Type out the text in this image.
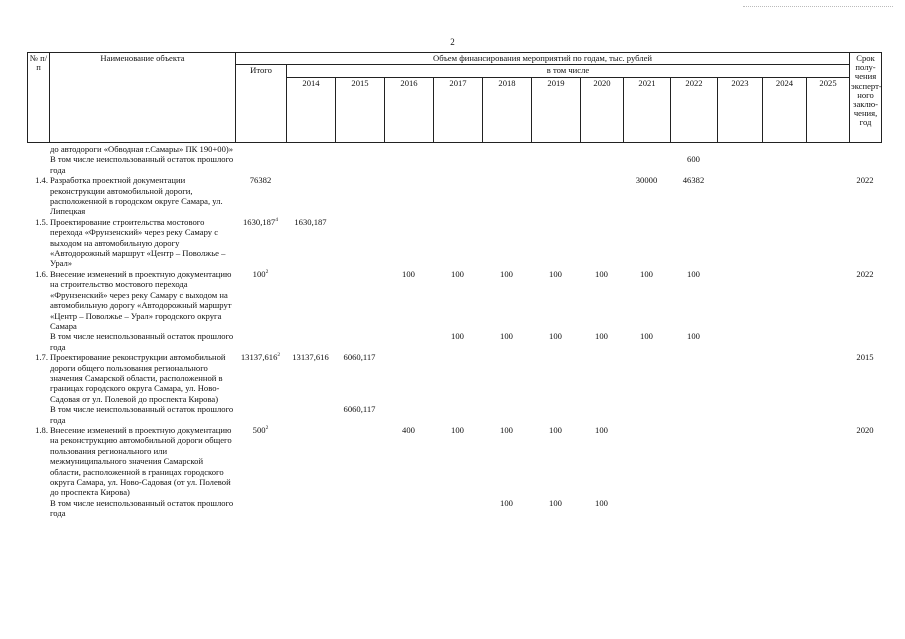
2
№ п/п	Наименование объекта	Объем финансирования мероприятий по годам, тыс. рублей													Срок полу-чения эксперт-ного заклю-чения, год
		Итого	в том числе												
			2014	2015	2016	2017	2018	2019	2020	2021	2022	2023	2024	2025	
	до автодороги «Обводная г.Самары» ПК 190+00)»														
	В том числе неиспользованный остаток прошлого года										600				
1.4.	Разработка проектной документации реконструкции автомобильной дороги, расположенной в городском округе Самара, ул. Липецкая	76382								30000	46382				2022
1.5.	Проектирование строительства мостового перехода «Фрунзенский» через реку Самару с выходом на автомобильную дорогу «Автодорожный маршрут «Центр – Поволжье – Урал»	1630,187$^4$	1630,187												
1.6.	Внесение изменений в проектную документацию на строительство мостового перехода «Фрунзенский» через реку Самару с выходом на автомобильную дорогу «Автодорожный маршрут «Центр – Поволжье – Урал» городского округа Самара	$100^2$			100	100	100	100	100	100	100				2022
	В том числе неиспользованный остаток прошлого года					100	100	100	100	100	100				
1.7.	Проектирование реконструкции автомобильной дороги общего пользования регионального значения Самарской области, расположенной в границах городского округа Самара, ул. Ново-Садовая от ул. Полевой до проспекта Кирова)	13137,616$^2$	13137,616	6060,117											2015
	В том числе неиспользованный остаток прошлого года			6060,117											
1.8.	Внесение изменений в проектную документацию на реконструкцию автомобильной дороги общего пользования регионального или межмуниципального значения Самарской области, расположенной в границах городского округа Самара, ул. Ново-Садовая (от ул. Полевой до проспекта Кирова)	$500^2$			400	100	100	100	100						2020
	В том числе неиспользованный остаток прошлого года						100	100	100						
